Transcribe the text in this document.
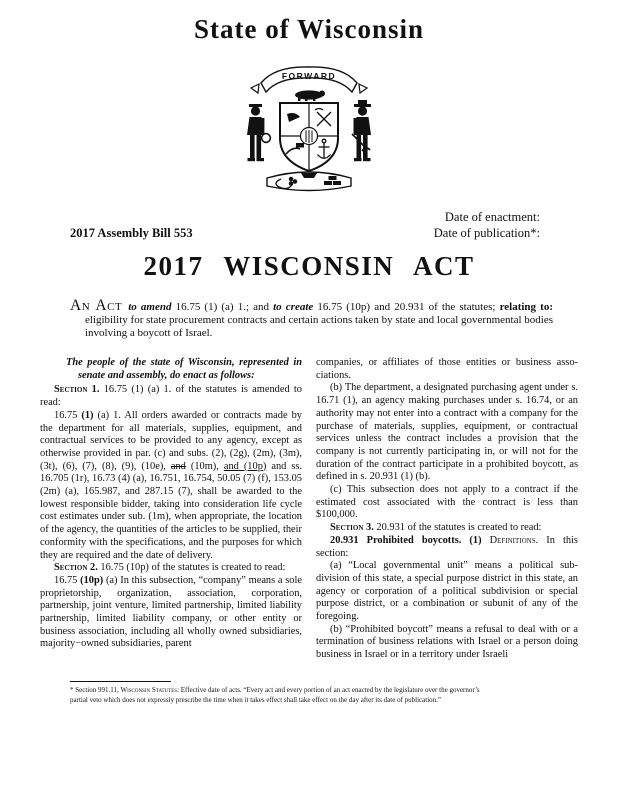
State of Wisconsin
FORWARD
Date of enactment:
Date of publication*:
2017 Assembly Bill 553
2017 WISCONSIN ACT
An Act to amend 16.75 (1) (a) 1.; and to create 16.75 (10p) and 20.931 of the statutes; relating to: eligibility for state procurement contracts and certain actions taken by state and local governmental bodies involving a boycott of Israel.
The people of the state of Wisconsin, represented in senate and assembly, do enact as follows:
Section 1. 16.75 (1) (a) 1. of the statutes is amended to read:
16.75 (1) (a) 1. All orders awarded or contracts made by the department for all materials, supplies, equipment, and contractual services to be provided to any agency, except as otherwise provided in par. (c) and subs. (2), (2g), (2m), (3m), (3t), (6), (7), (8), (9), (10e), and (10m), and (10p) and ss. 16.705 (1r), 16.73 (4) (a), 16.751, 16.754, 50.05 (7) (f), 153.05 (2m) (a), 165.987, and 287.15 (7), shall be awarded to the lowest responsible bidder, taking into consideration life cycle cost estimates under sub. (1m), when appropriate, the location of the agency, the quantities of the articles to be supplied, their conformity with the specifications, and the purposes for which they are required and the date of delivery.
Section 2. 16.75 (10p) of the statutes is created to read:
16.75 (10p) (a) In this subsection, “company” means a sole proprietorship, organization, association, corporation, partnership, joint venture, limited partnership, limited liability partnership, limited liability company, or other entity or business association, including all wholly owned subsidiaries, majority−owned subsidiaries, parent
companies, or affiliates of those entities or business associations.
(b) The department, a designated purchasing agent under s. 16.71 (1), an agency making purchases under s. 16.74, or an authority may not enter into a contract with a company for the purchase of materials, supplies, equipment, or contractual services unless the contract includes a provision that the company is not currently participating in, or will not for the duration of the contract participate in a prohibited boycott, as defined in s. 20.931 (1) (b).
(c) This subsection does not apply to a contract if the estimated cost associated with the contract is less than $100,000.
Section 3. 20.931 of the statutes is created to read:
20.931 Prohibited boycotts. (1) Definitions. In this section:
(a) “Local governmental unit” means a political subdivision of this state, a special purpose district in this state, an agency or corporation of a political subdivision or special purpose district, or a combination or subunit of any of the foregoing.
(b) “Prohibited boycott” means a refusal to deal with or a termination of business relations with Israel or a person doing business in Israel or in a territory under Israeli
* Section 991.11, Wisconsin Statutes: Effective date of acts. “Every act and every portion of an act enacted by the legislature over the governor’s
partial veto which does not expressly prescribe the time when it takes effect shall take effect on the day after its date of publication.”
